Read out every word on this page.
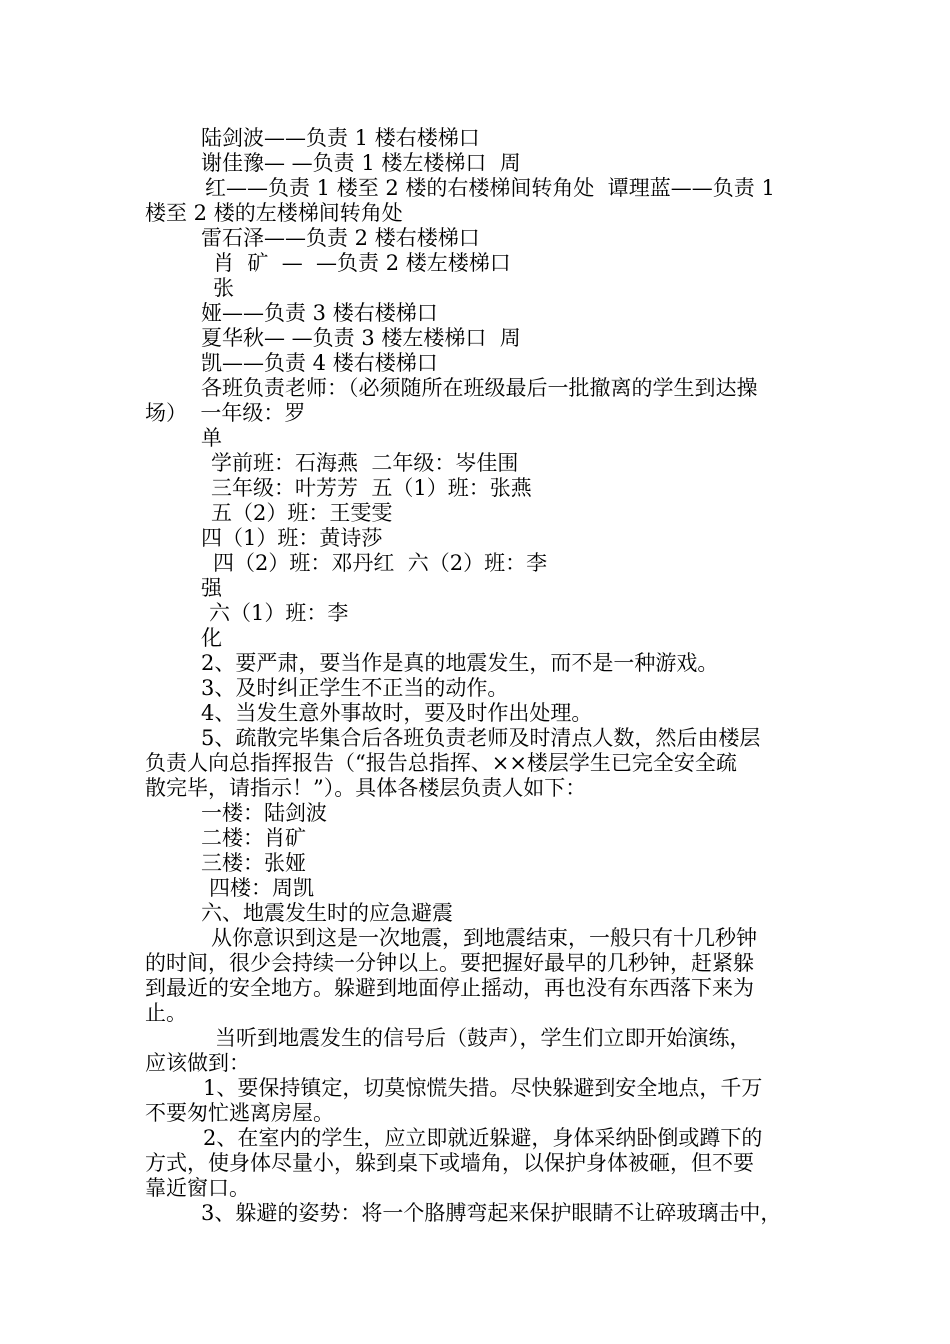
陆剑波——负责 1 楼右楼梯口
谢佳豫— —负责 1 楼左楼梯口  周
红——负责 1 楼至 2 楼的右楼梯间转角处  谭理蓝——负责 1
楼至 2 楼的左楼梯间转角处
雷石泽——负责 2 楼右楼梯口
肖  矿  —  —负责 2 楼左楼梯口
张
娅——负责 3 楼右楼梯口
夏华秋— —负责 3 楼左楼梯口  周
凯——负责 4 楼右楼梯口
各班负责老师：（必须随所在班级最后一批撤离的学生到达操
场）  一年级：罗
单
学前班：石海燕  二年级：岑佳围
三年级：叶芳芳  五（1）班：张燕
五（2）班：王雯雯
四（1）班：黄诗莎
四（2）班：邓丹红  六（2）班：李
强
六（1）班：李
化
2、要严肃，要当作是真的地震发生，而不是一种游戏。
3、及时纠正学生不正当的动作。
4、当发生意外事故时，要及时作出处理。
5、疏散完毕集合后各班负责老师及时清点人数，然后由楼层
负责人向总指挥报告（“报告总指挥、××楼层学生已完全安全疏
散完毕，请指示！”）。具体各楼层负责人如下：
一楼：陆剑波
二楼：肖矿
三楼：张娅
四楼：周凯
六、地震发生时的应急避震
从你意识到这是一次地震，到地震结束，一般只有十几秒钟
的时间，很少会持续一分钟以上。要把握好最早的几秒钟，赶紧躲
到最近的安全地方。躲避到地面停止摇动，再也没有东西落下来为
止。
当听到地震发生的信号后（鼓声），学生们立即开始演练，
应该做到：
1、要保持镇定，切莫惊慌失措。尽快躲避到安全地点，千万
不要匆忙逃离房屋。
2、在室内的学生，应立即就近躲避，身体采纳卧倒或蹲下的
方式，使身体尽量小，躲到桌下或墙角，以保护身体被砸，但不要
靠近窗口。
3、躲避的姿势：将一个胳膊弯起来保护眼睛不让碎玻璃击中，
